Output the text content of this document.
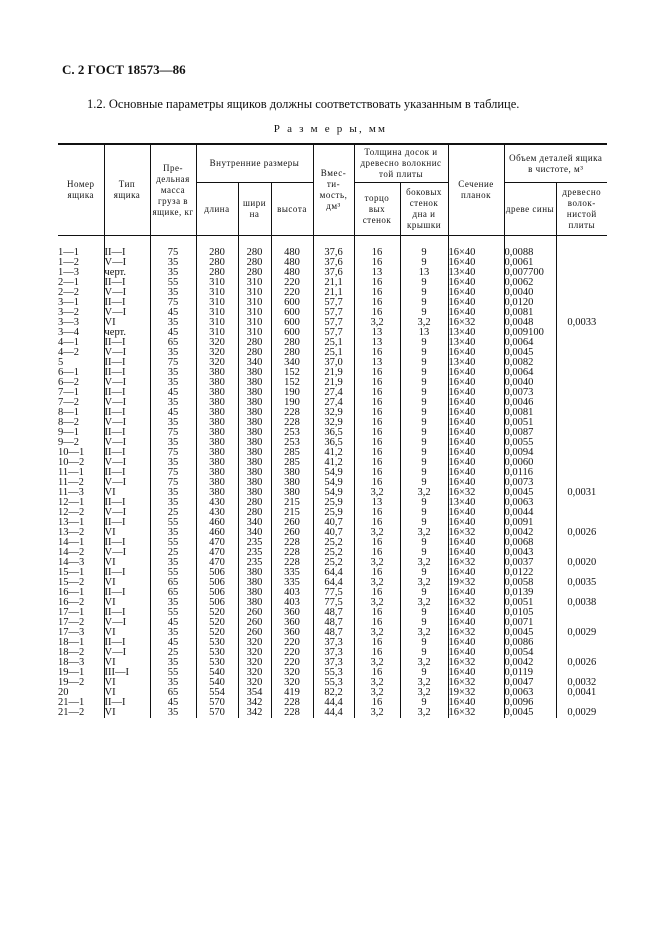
С. 2 ГОСТ 18573—86
1.2. Основные параметры ящиков должны соответствовать указанным в таблице.
Р а з м е р ы, мм
Номер ящика	Тип ящика	Пре- дельная масса груза в ящике, кг	Внутренние размеры			Вмес- ти- мость, дм³	Толщина досок и древесно волокнис той плиты		Сечение планок	Объем деталей ящика в чистоте, м³	
			длина	шири на	высота		торцо вых стенок	боковых стенок дна и крышки		древе сины	древесно волок- нистой плиты

1—1	II—I	75	280	280	480	37,6	16	9	16×40	0,0088	
1—2	V—I	35	280	280	480	37,6	16	9	16×40	0,0061	
1—3	черт.	35	280	280	480	37,6	13	13	13×40	0,007700	
2—1	II—I	55	310	310	220	21,1	16	9	16×40	0,0062	
2—2	V—I	35	310	310	220	21,1	16	9	16×40	0,0040	
3—1	II—I	75	310	310	600	57,7	16	9	16×40	0,0120	
3—2	V—I	45	310	310	600	57,7	16	9	16×40	0,0081	
3—3	VI	35	310	310	600	57,7	3,2	3,2	16×32	0,0048	0,0033
3—4	черт.	45	310	310	600	57,7	13	13	13×40	0,009100	
4—1	II—I	65	320	280	280	25,1	13	9	13×40	0,0064	
4—2	V—I	35	320	280	280	25,1	16	9	16×40	0,0045	
5	II—I	75	320	340	340	37,0	13	9	13×40	0,0082	
6—1	II—I	35	380	380	152	21,9	16	9	16×40	0,0064	
6—2	V—I	35	380	380	152	21,9	16	9	16×40	0,0040	
7—1	II—I	45	380	380	190	27,4	16	9	16×40	0,0073	
7—2	V—I	35	380	380	190	27,4	16	9	16×40	0,0046	
8—1	II—I	45	380	380	228	32,9	16	9	16×40	0,0081	
8—2	V—I	35	380	380	228	32,9	16	9	16×40	0,0051	
9—1	II—I	75	380	380	253	36,5	16	9	16×40	0,0087	
9—2	V—I	35	380	380	253	36,5	16	9	16×40	0,0055	
10—1	II—I	75	380	380	285	41,2	16	9	16×40	0,0094	
10—2	V—I	35	380	380	285	41,2	16	9	16×40	0,0060	
11—1	II—I	75	380	380	380	54,9	16	9	16×40	0,0116	
11—2	V—I	75	380	380	380	54,9	16	9	16×40	0,0073	
11—3	VI	35	380	380	380	54,9	3,2	3,2	16×32	0,0045	0,0031
12—1	II—I	35	430	280	215	25,9	13	9	13×40	0,0063	
12—2	V—I	25	430	280	215	25,9	16	9	16×40	0,0044	
13—1	II—I	55	460	340	260	40,7	16	9	16×40	0,0091	
13—2	VI	35	460	340	260	40,7	3,2	3,2	16×32	0,0042	0,0026
14—1	II—I	55	470	235	228	25,2	16	9	16×40	0,0068	
14—2	V—I	25	470	235	228	25,2	16	9	16×40	0,0043	
14—3	VI	35	470	235	228	25,2	3,2	3,2	16×32	0,0037	0,0020
15—1	II—I	55	506	380	335	64,4	16	9	16×40	0,0122	
15—2	VI	65	506	380	335	64,4	3,2	3,2	19×32	0,0058	0,0035
16—1	II—I	65	506	380	403	77,5	16	9	16×40	0,0139	
16—2	VI	35	506	380	403	77,5	3,2	3,2	16×32	0,0051	0,0038
17—1	II—I	55	520	260	360	48,7	16	9	16×40	0,0105	
17—2	V—I	45	520	260	360	48,7	16	9	16×40	0,0071	
17—3	VI	35	520	260	360	48,7	3,2	3,2	16×32	0,0045	0,0029
18—1	II—I	45	530	320	220	37,3	16	9	16×40	0,0086	
18—2	V—I	25	530	320	220	37,3	16	9	16×40	0,0054	
18—3	VI	35	530	320	220	37,3	3,2	3,2	16×32	0,0042	0,0026
19—1	III—I	55	540	320	320	55,3	16	9	16×40	0,0119	
19—2	VI	35	540	320	320	55,3	3,2	3,2	16×32	0,0047	0,0032
20	VI	65	554	354	419	82,2	3,2	3,2	19×32	0,0063	0,0041
21—1	II—I	45	570	342	228	44,4	16	9	16×40	0,0096	
21—2	VI	35	570	342	228	44,4	3,2	3,2	16×32	0,0045	0,0029
